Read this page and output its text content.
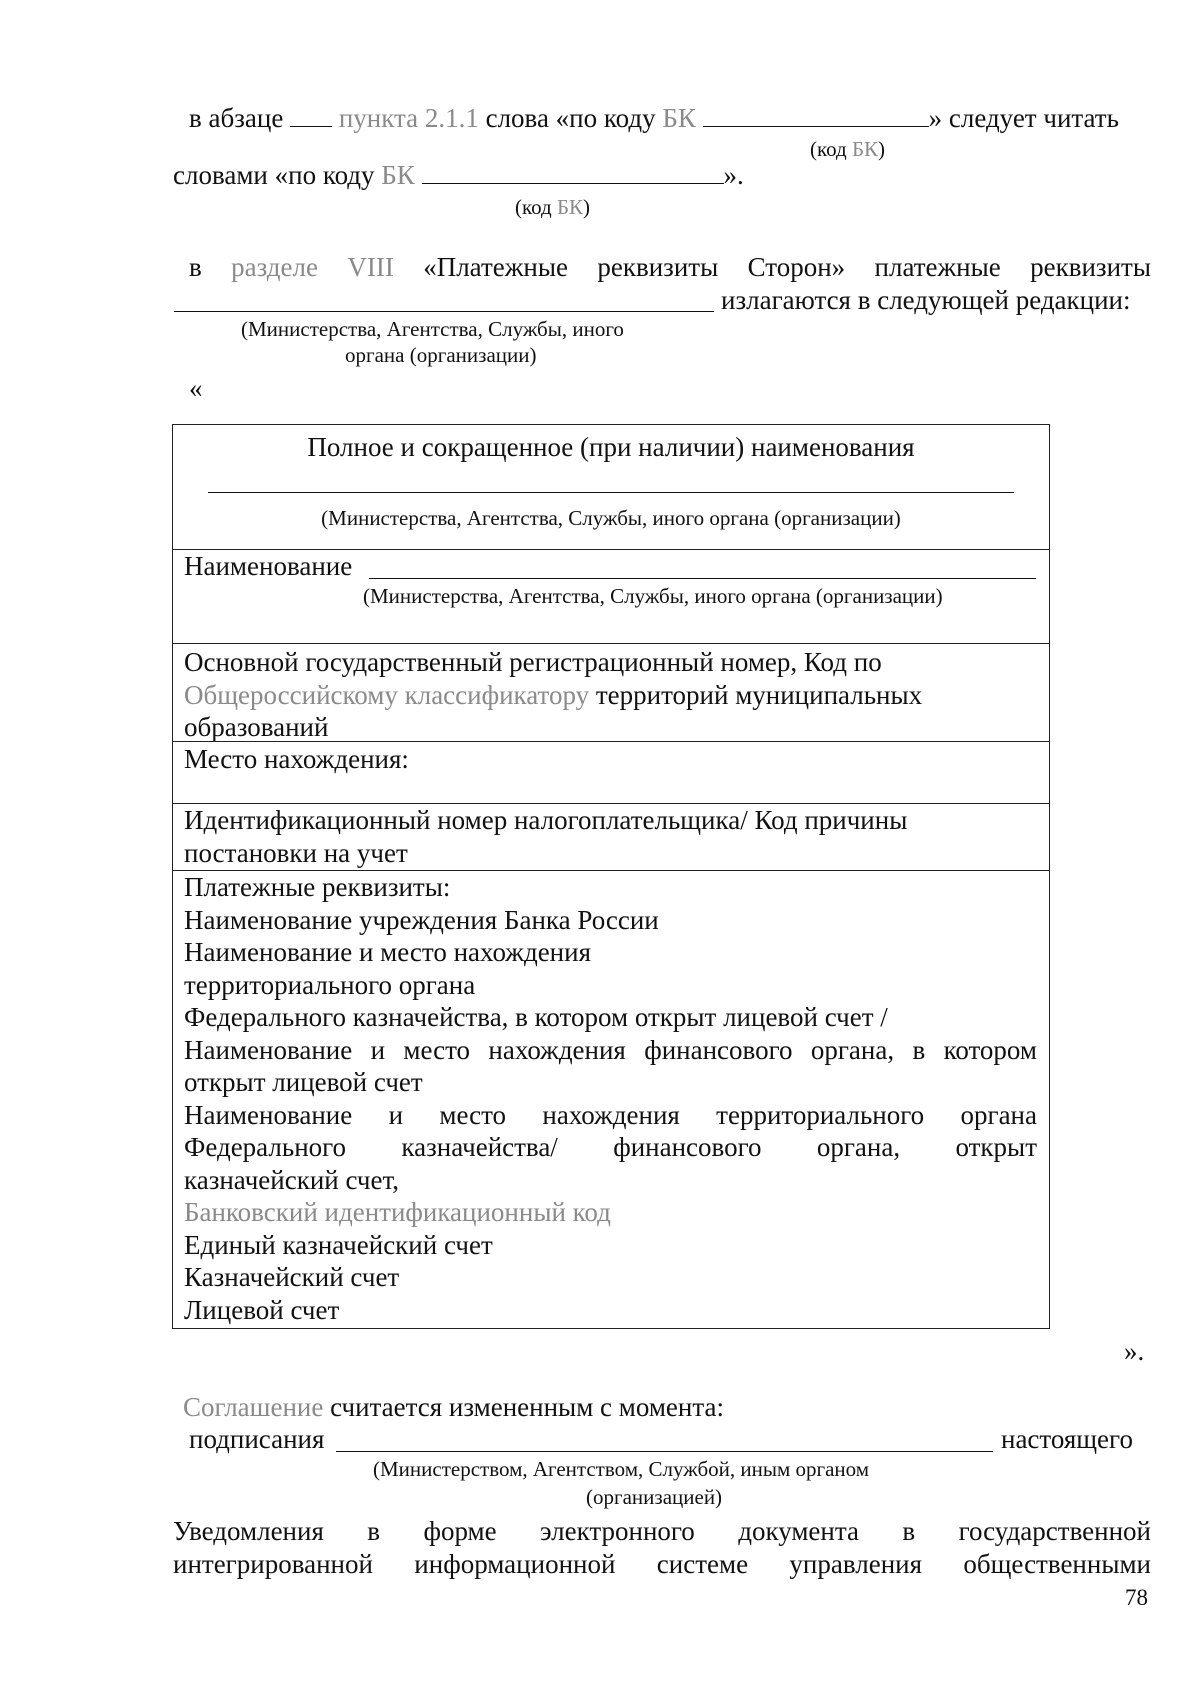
в абзаце пункта 2.1.1 слова «по коду БК	» следует читать
(код БК)
словами «по коду БК	».
(код БК)
в разделе VIII «Платежные реквизиты Сторон» платежные реквизиты
излагаются в следующей редакции:
(Министерства, Агентства, Службы, иного
органа (организации)
«
Полное и сокращенное (при наличии) наименования
(Министерства, Агентства, Службы, иного органа (организации)
Наименование
(Министерства, Агентства, Службы, иного органа (организации)
Основной государственный регистрационный номер, Код по
Общероссийскому классификатору территорий муниципальных
образований
Место нахождения:
Идентификационный номер налогоплательщика/ Код причины
постановки на учет
Платежные реквизиты:
Наименование учреждения Банка России
Наименование и место нахождения
территориального органа
Федерального казначейства, в котором открыт лицевой счет /
Наименование и место нахождения финансового органа, в котором
открыт лицевой счет
Наименование и место нахождения территориального органа
Федерального казначейства/ финансового органа, открыт
казначейский счет,
Банковский идентификационный код
Единый казначейский счет
Казначейский счет
Лицевой счет
».
Соглашение считается измененным с момента:
подписания	настоящего
(Министерством, Агентством, Службой, иным органом
(организацией)
Уведомления в форме электронного документа в государственной
интегрированной информационной системе управления общественными
78
